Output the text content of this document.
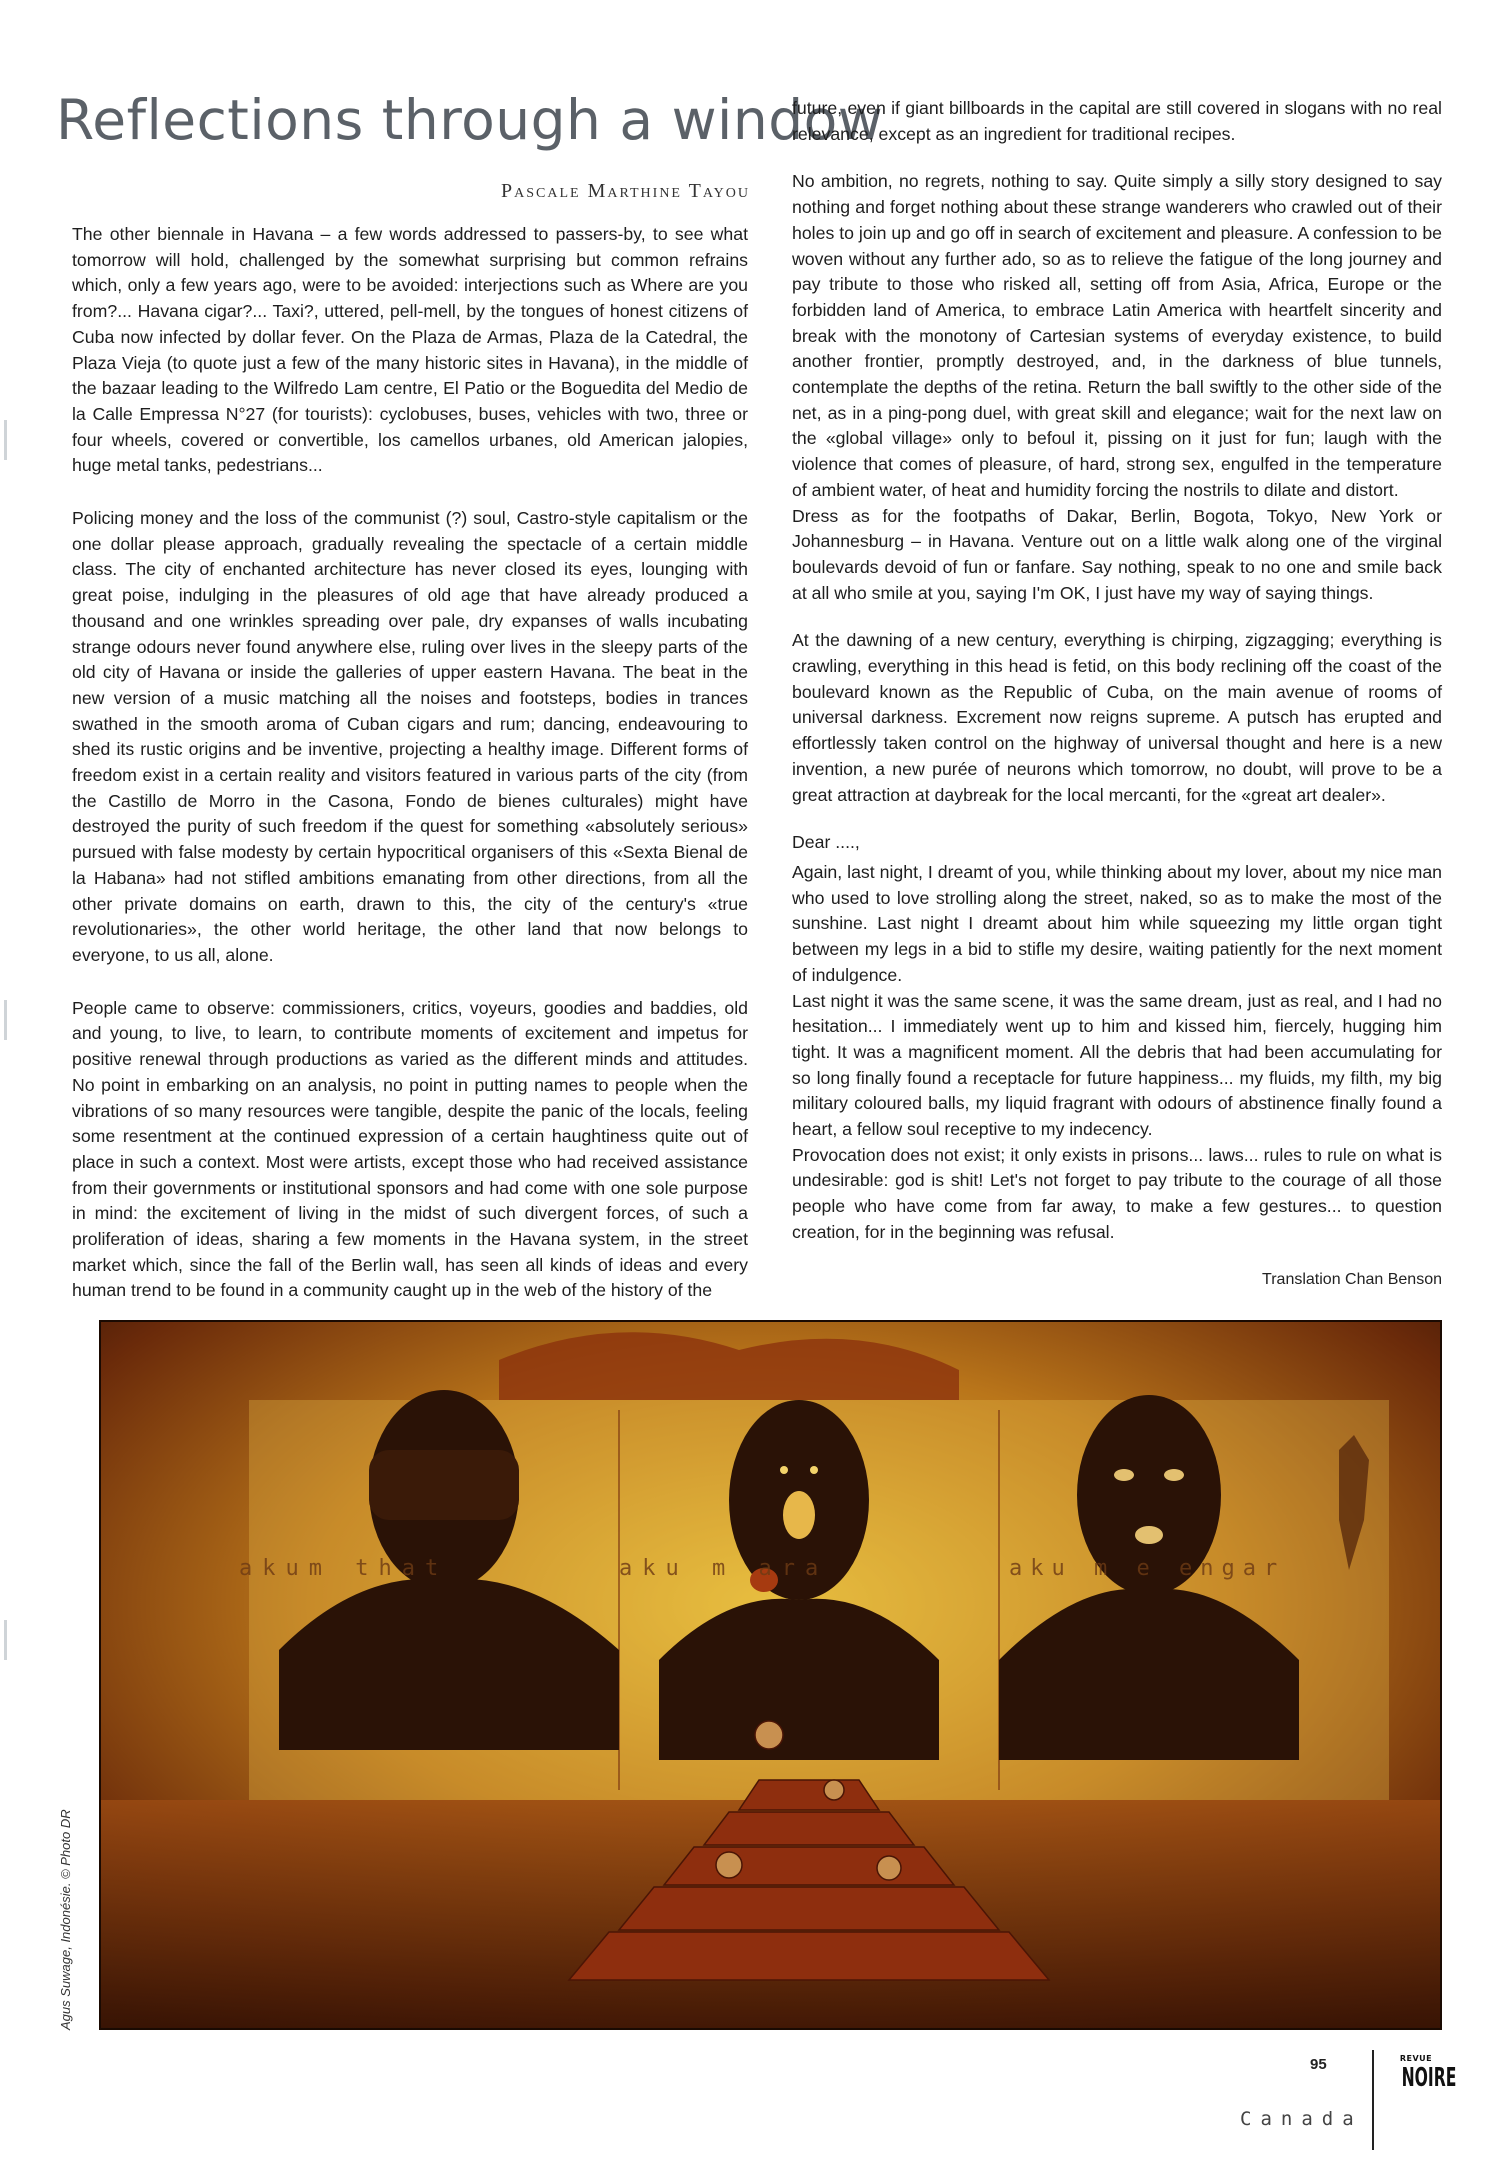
Reflections through a window
Pascale Marthine Tayou

The other biennale in Havana – a few words addressed to passers-by, to see what tomorrow will hold, challenged by the somewhat surprising but common refrains which, only a few years ago, were to be avoided: interjections such as Where are you from?... Havana cigar?... Taxi?, uttered, pell-mell, by the tongues of honest citizens of Cuba now infected by dollar fever. On the Plaza de Armas, Plaza de la Catedral, the Plaza Vieja (to quote just a few of the many historic sites in Havana), in the middle of the bazaar leading to the Wilfredo Lam centre, El Patio or the Boguedita del Medio de la Calle Empressa N°27 (for tourists): cyclobuses, buses, vehicles with two, three or four wheels, covered or convertible, los camellos urbanes, old American jalopies, huge metal tanks, pedestrians...

Policing money and the loss of the communist (?) soul, Castro-style capitalism or the one dollar please approach, gradually revealing the spectacle of a certain middle class. The city of enchanted architecture has never closed its eyes, lounging with great poise, indulging in the pleasures of old age that have already produced a thousand and one wrinkles spreading over pale, dry expanses of walls incubating strange odours never found anywhere else, ruling over lives in the sleepy parts of the old city of Havana or inside the galleries of upper eastern Havana. The beat in the new version of a music matching all the noises and footsteps, bodies in trances swathed in the smooth aroma of Cuban cigars and rum; dancing, endeavouring to shed its rustic origins and be inventive, projecting a healthy image. Different forms of freedom exist in a certain reality and visitors featured in various parts of the city (from the Castillo de Morro in the Casona, Fondo de bienes culturales) might have destroyed the purity of such freedom if the quest for something «absolutely serious» pursued with false modesty by certain hypocritical organisers of this «Sexta Bienal de la Habana» had not stifled ambitions emanating from other directions, from all the other private domains on earth, drawn to this, the city of the century's «true revolutionaries», the other world heritage, the other land that now belongs to everyone, to us all, alone.

People came to observe: commissioners, critics, voyeurs, goodies and baddies, old and young, to live, to learn, to contribute moments of excitement and impetus for positive renewal through productions as varied as the different minds and attitudes. No point in embarking on an analysis, no point in putting names to people when the vibrations of so many resources were tangible, despite the panic of the locals, feeling some resentment at the continued expression of a certain haughtiness quite out of place in such a context. Most were artists, except those who had received assistance from their governments or institutional sponsors and had come with one sole purpose in mind: the excitement of living in the midst of such divergent forces, of such a proliferation of ideas, sharing a few moments in the Havana system, in the street market which, since the fall of the Berlin wall, has seen all kinds of ideas and every human trend to be found in a community caught up in the web of the history of the

future, even if giant billboards in the capital are still covered in slogans with no real relevance, except as an ingredient for traditional recipes.

No ambition, no regrets, nothing to say. Quite simply a silly story designed to say nothing and forget nothing about these strange wanderers who crawled out of their holes to join up and go off in search of excitement and pleasure. A confession to be woven without any further ado, so as to relieve the fatigue of the long journey and pay tribute to those who risked all, setting off from Asia, Africa, Europe or the forbidden land of America, to embrace Latin America with heartfelt sincerity and break with the monotony of Cartesian systems of everyday existence, to build another frontier, promptly destroyed, and, in the darkness of blue tunnels, contemplate the depths of the retina. Return the ball swiftly to the other side of the net, as in a ping-pong duel, with great skill and elegance; wait for the next law on the «global village» only to befoul it, pissing on it just for fun; laugh with the violence that comes of pleasure, of hard, strong sex, engulfed in the temperature of ambient water, of heat and humidity forcing the nostrils to dilate and distort.

Dress as for the footpaths of Dakar, Berlin, Bogota, Tokyo, New York or Johannesburg – in Havana. Venture out on a little walk along one of the virginal boulevards devoid of fun or fanfare. Say nothing, speak to no one and smile back at all who smile at you, saying I'm OK, I just have my way of saying things.

At the dawning of a new century, everything is chirping, zigzagging; everything is crawling, everything in this head is fetid, on this body reclining off the coast of the boulevard known as the Republic of Cuba, on the main avenue of rooms of universal darkness. Excrement now reigns supreme. A putsch has erupted and effortlessly taken control on the highway of universal thought and here is a new invention, a new purée of neurons which tomorrow, no doubt, will prove to be a great attraction at daybreak for the local mercanti, for the «great art dealer».

Dear ....,

Again, last night, I dreamt of you, while thinking about my lover, about my nice man who used to love strolling along the street, naked, so as to make the most of the sunshine. Last night I dreamt about him while squeezing my little organ tight between my legs in a bid to stifle my desire, waiting patiently for the next moment of indulgence.

Last night it was the same scene, it was the same dream, just as real, and I had no hesitation... I immediately went up to him and kissed him, fiercely, hugging him tight. It was a magnificent moment. All the debris that had been accumulating for so long finally found a receptacle for future happiness... my fluids, my filth, my big military coloured balls, my liquid fragrant with odours of abstinence finally found a heart, a fellow soul receptive to my indecency.

Provocation does not exist; it only exists in prisons... laws... rules to rule on what is undesirable: god is shit! Let's not forget to pay tribute to the courage of all those people who have come from far away, to make a few gestures... to question creation, for in the beginning was refusal.

Translation Chan Benson
akum that	aku m ara	aku m e engar
Agus Suwage, Indonésie. © Photo DR
95
Canada
REVUE
NOIRE
